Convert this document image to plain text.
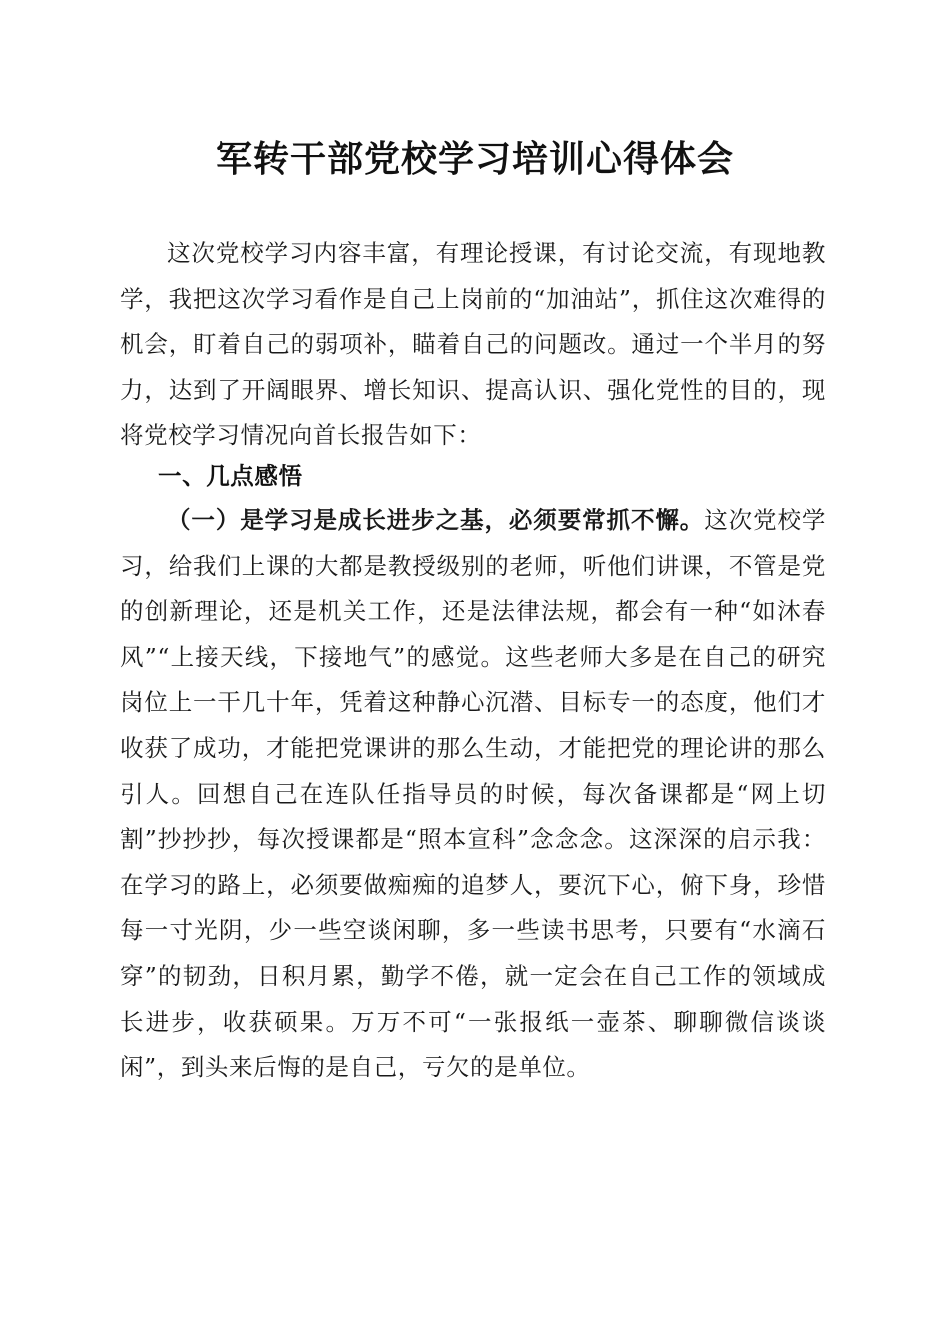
军转干部党校学习培训心得体会

这次党校学习内容丰富，有理论授课，有讨论交流，有现地教学，我把这次学习看作是自己上岗前的“加油站”，抓住这次难得的机会，盯着自己的弱项补，瞄着自己的问题改。通过一个半月的努力，达到了开阔眼界、增长知识、提高认识、强化党性的目的，现将党校学习情况向首长报告如下：

一、几点感悟

（一）是学习是成长进步之基，必须要常抓不懈。这次党校学习，给我们上课的大都是教授级别的老师，听他们讲课，不管是党的创新理论，还是机关工作，还是法律法规，都会有一种“如沐春风”“上接天线，下接地气”的感觉。这些老师大多是在自己的研究岗位上一干几十年，凭着这种静心沉潜、目标专一的态度，他们才收获了成功，才能把党课讲的那么生动，才能把党的理论讲的那么引人。回想自己在连队任指导员的时候，每次备课都是“网上切割”抄抄抄，每次授课都是“照本宣科”念念念。这深深的启示我：在学习的路上，必须要做痴痴的追梦人，要沉下心，俯下身，珍惜每一寸光阴，少一些空谈闲聊，多一些读书思考，只要有“水滴石穿”的韧劲，日积月累，勤学不倦，就一定会在自己工作的领域成长进步，收获硕果。万万不可“一张报纸一壶茶、聊聊微信谈谈闲”，到头来后悔的是自己，亏欠的是单位。
